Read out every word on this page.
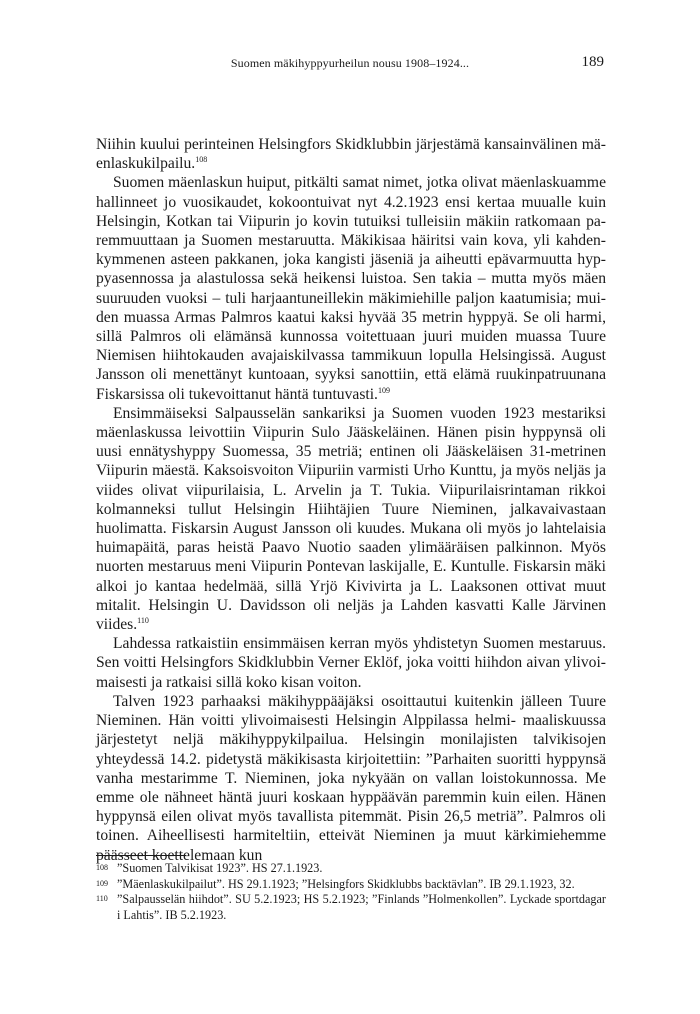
Suomen mäkihyppyurheilun nousu 1908–1924...	189

Niihin kuului perinteinen Helsingfors Skidklubbin järjestämä kansainvälinen mäenlaskukilpailu.$^{108}$

Suomen mäenlaskun huiput, pitkälti samat nimet, jotka olivat mäenlaskuamme hallinneet jo vuosikaudet, kokoontuivat nyt 4.2.1923 ensi kertaa muualle kuin Helsingin, Kotkan tai Viipurin jo kovin tutuiksi tulleisiin mäkiin ratkomaan paremmuuttaan ja Suomen mestaruutta. Mäkikisaa häiritsi vain kova, yli kahdenkymmenen asteen pakkanen, joka kangisti jäseniä ja aiheutti epävarmuutta hyppyasennossa ja alastulossa sekä heikensi luistoa. Sen takia – mutta myös mäen suuruuden vuoksi – tuli harjaantuneillekin mäkimiehille paljon kaatumisia; muiden muassa Armas Palmros kaatui kaksi hyvää 35 metrin hyppyä. Se oli harmi, sillä Palmros oli elämänsä kunnossa voitettuaan juuri muiden muassa Tuure Niemisen hiihtokauden avajaiskilvassa tammikuun lopulla Helsingissä. August Jansson oli menettänyt kuntoaan, syyksi sanottiin, että elämä ruukinpatruunana Fiskarsissa oli tukevoittanut häntä tuntuvasti.$^{109}$

Ensimmäiseksi Salpausselän sankariksi ja Suomen vuoden 1923 mestariksi mäenlaskussa leivottiin Viipurin Sulo Jääskeläinen. Hänen pisin hyppynsä oli uusi ennätyshyppy Suomessa, 35 metriä; entinen oli Jääskeläisen 31-metrinen Viipurin mäestä. Kaksoisvoiton Viipuriin varmisti Urho Kunttu, ja myös neljäs ja viides olivat viipurilaisia, L. Arvelin ja T. Tukia. Viipurilaisrintaman rikkoi kolmanneksi tullut Helsingin Hiihtäjien Tuure Nieminen, jalkavaivastaan huolimatta. Fiskarsin August Jansson oli kuudes. Mukana oli myös jo lahtelaisia huimapäitä, paras heistä Paavo Nuotio saaden ylimääräisen palkinnon. Myös nuorten mestaruus meni Viipurin Pontevan laskijalle, E. Kuntulle. Fiskarsin mäki alkoi jo kantaa hedelmää, sillä Yrjö Kivivirta ja L. Laaksonen ottivat muut mitalit. Helsingin U. Davidsson oli neljäs ja Lahden kasvatti Kalle Järvinen viides.$^{110}$

Lahdessa ratkaistiin ensimmäisen kerran myös yhdistetyn Suomen mestaruus. Sen voitti Helsingfors Skidklubbin Verner Eklöf, joka voitti hiihdon aivan ylivoimaisesti ja ratkaisi sillä koko kisan voiton.

Talven 1923 parhaaksi mäkihyppääjäksi osoittautui kuitenkin jälleen Tuure Nieminen. Hän voitti ylivoimaisesti Helsingin Alppilassa helmi- maaliskuussa järjestetyt neljä mäkihyppykilpailua. Helsingin monilajisten talvikisojen yhteydessä 14.2. pidetystä mäkikisasta kirjoitettiin: ”Parhaiten suoritti hyppynsä vanha mestarimme T. Nieminen, joka nykyään on vallan loistokunnossa. Me emme ole nähneet häntä juuri koskaan hyppäävän paremmin kuin eilen. Hänen hyppynsä eilen olivat myös tavallista pitemmät. Pisin 26,5 metriä”. Palmros oli toinen. Aiheellisesti harmiteltiin, etteivät Nieminen ja muut kärkimiehemme päässeet koettelemaan kun

108 ”Suomen Talvikisat 1923”. HS 27.1.1923.
109 ”Mäenlaskukilpailut”. HS 29.1.1923; ”Helsingfors Skidklubbs backtävlan”. IB 29.1.1923, 32.
110 ”Salpausselän hiihdot”. SU 5.2.1923; HS 5.2.1923; ”Finlands ”Holmenkollen”. Lyckade sportdagar i Lahtis”. IB 5.2.1923.
